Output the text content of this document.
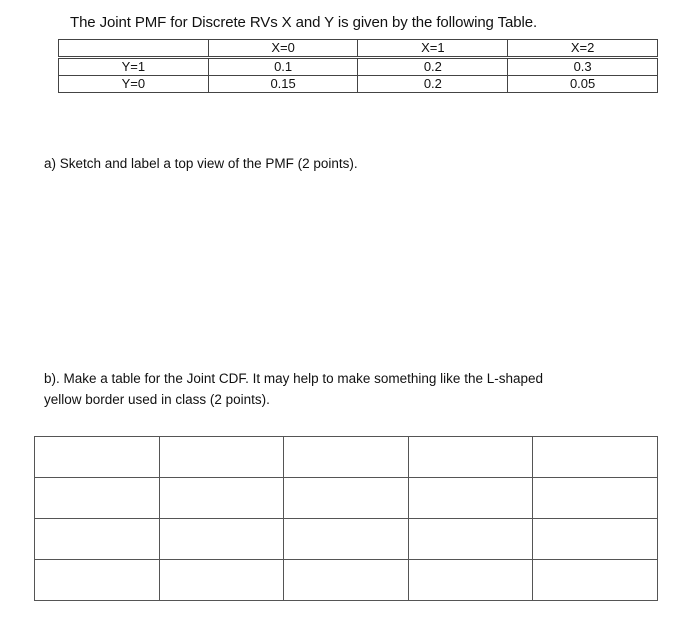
The Joint PMF for Discrete RVs X and Y is given by the following Table.
	X=0	X=1	X=2
Y=1	0.1	0.2	0.3
Y=0	0.15	0.2	0.05
a) Sketch and label a top view of the PMF (2 points).
b). Make a table for the Joint CDF. It may help to make something like the L-shaped
yellow border used in class (2 points).
